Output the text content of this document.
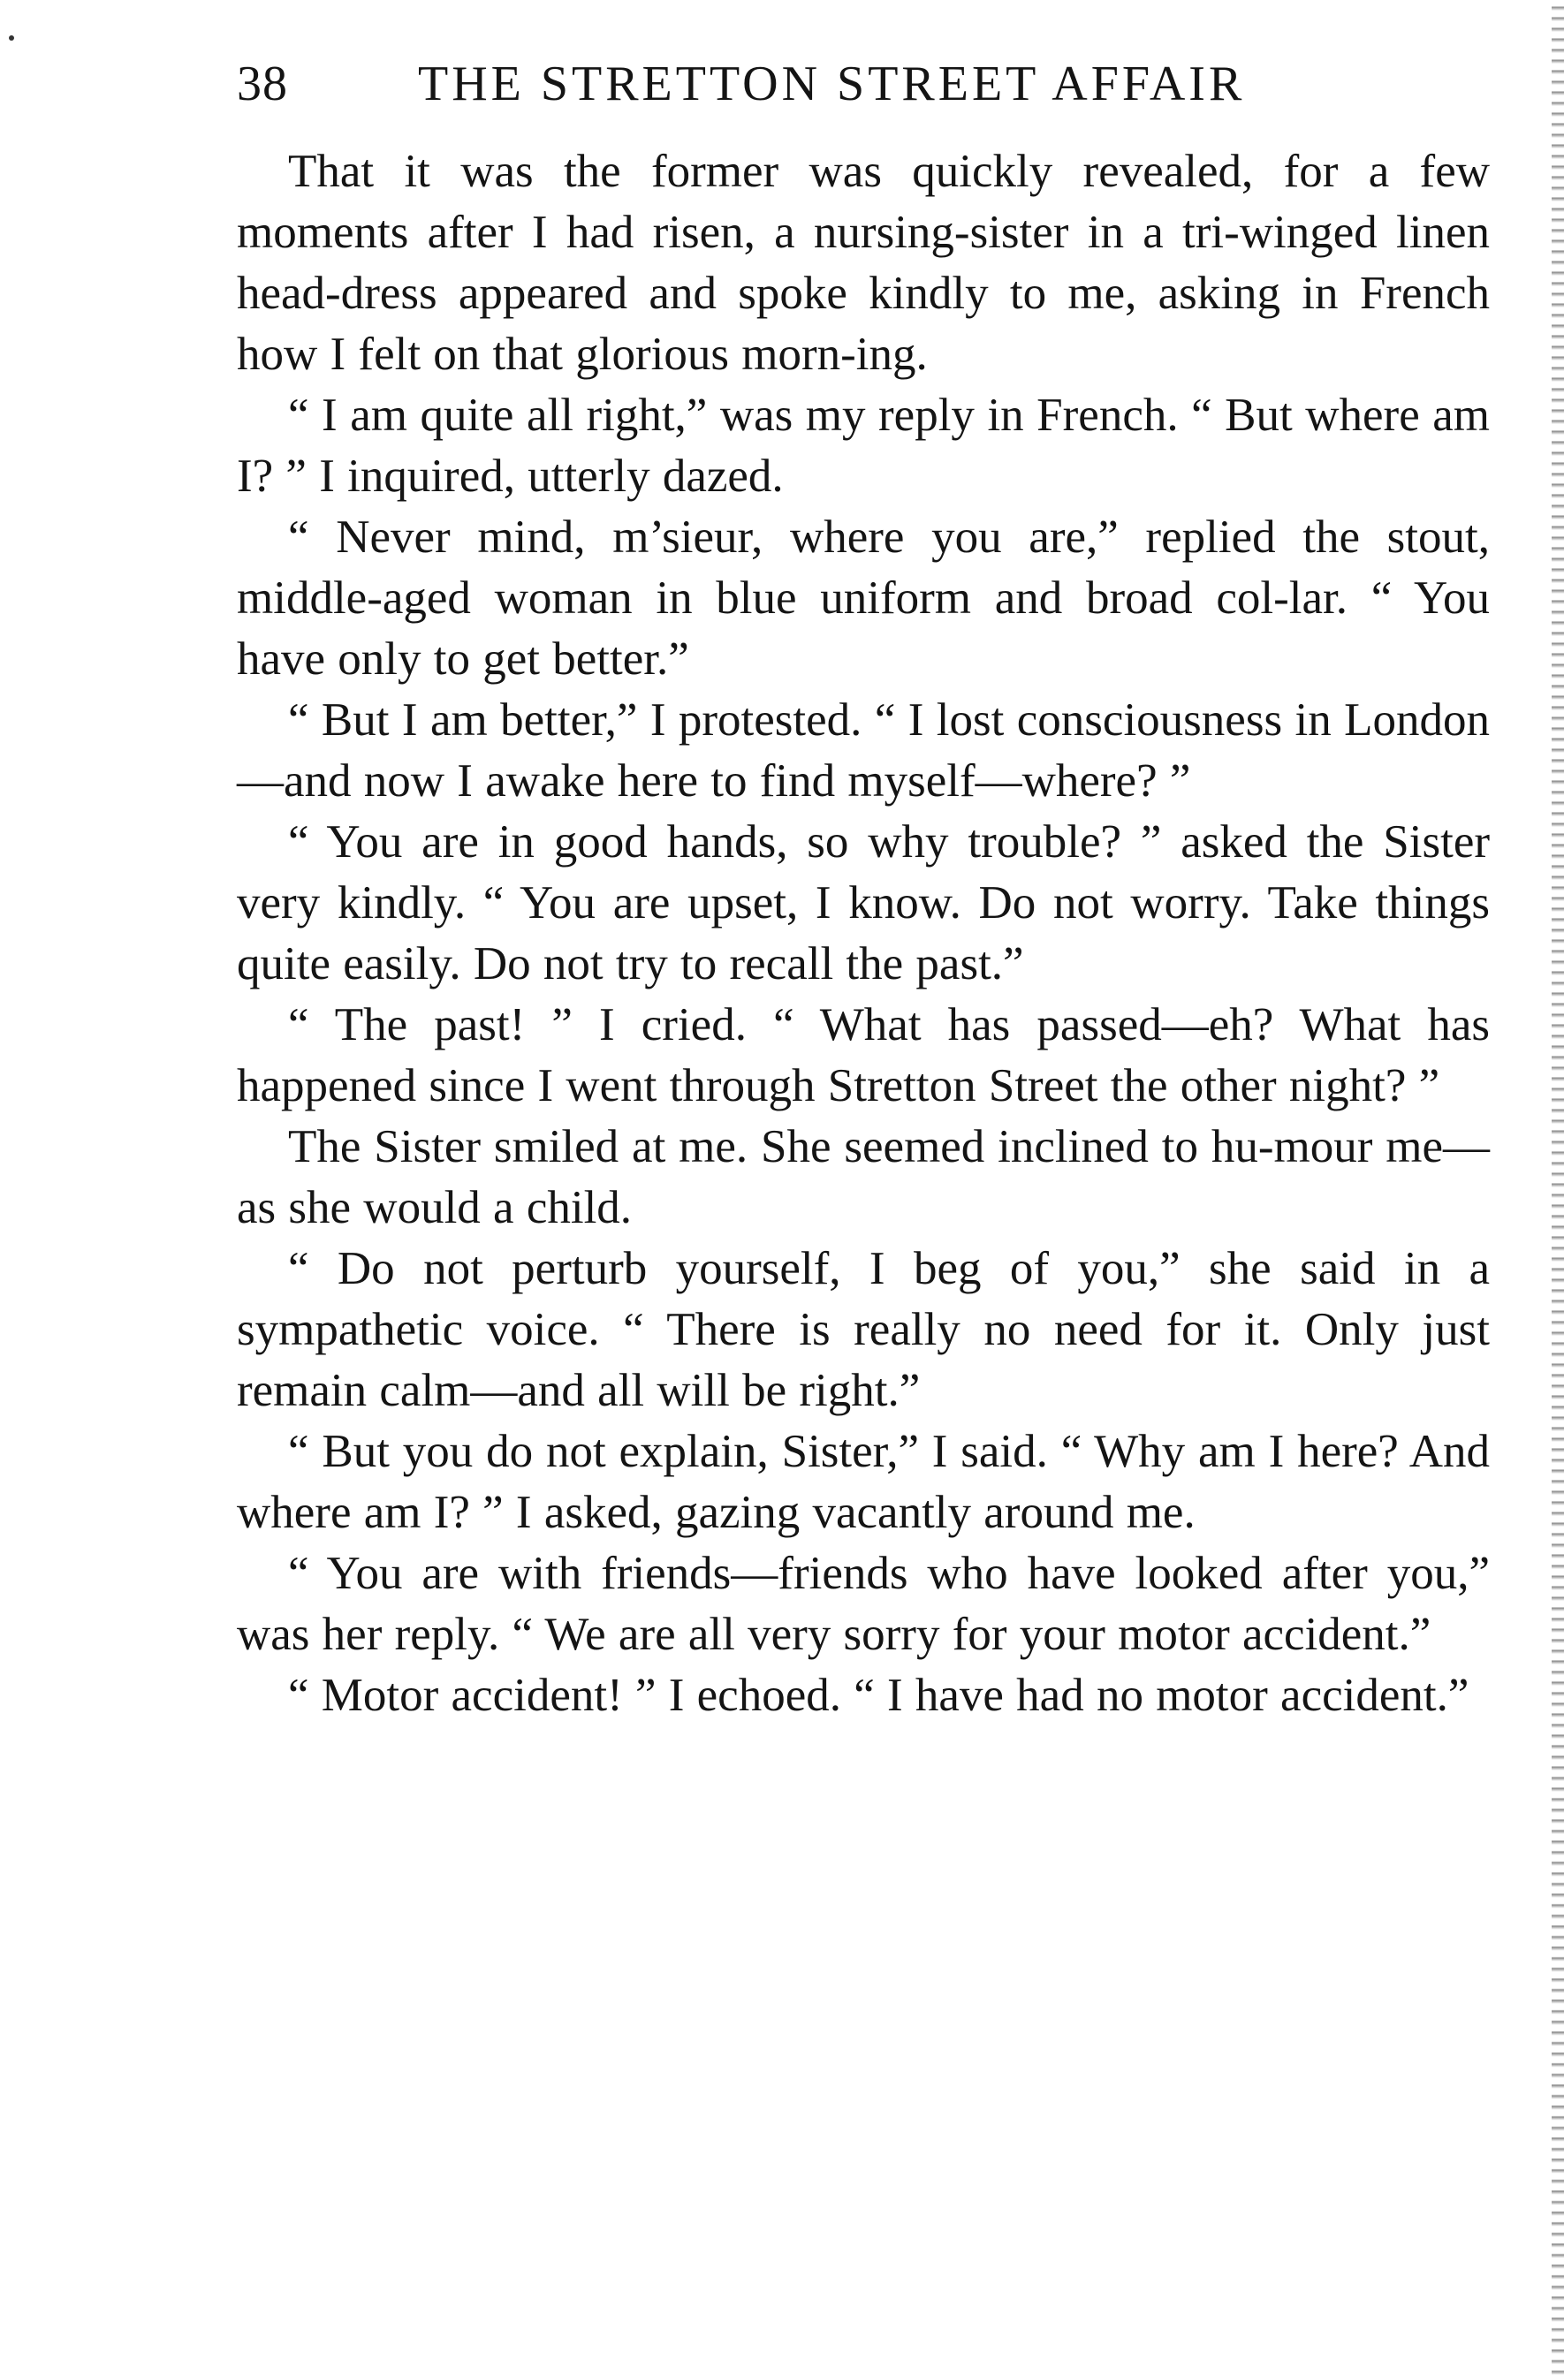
38	THE STRETTON STREET AFFAIR

That it was the former was quickly revealed, for a few moments after I had risen, a nursing-sister in a tri-winged linen head-dress appeared and spoke kindly to me, asking in French how I felt on that glorious morn-ing.

“ I am quite all right,” was my reply in French. “ But where am I? ” I inquired, utterly dazed.

“ Never mind, m’sieur, where you are,” replied the stout, middle-aged woman in blue uniform and broad col-lar. “ You have only to get better.”

“ But I am better,” I protested. “ I lost consciousness in London—and now I awake here to find myself—where? ”

“ You are in good hands, so why trouble? ” asked the Sister very kindly. “ You are upset, I know. Do not worry. Take things quite easily. Do not try to recall the past.”

“ The past! ” I cried. “ What has passed—eh? What has happened since I went through Stretton Street the other night? ”

The Sister smiled at me. She seemed inclined to hu-mour me—as she would a child.

“ Do not perturb yourself, I beg of you,” she said in a sympathetic voice. “ There is really no need for it. Only just remain calm—and all will be right.”

“ But you do not explain, Sister,” I said. “ Why am I here? And where am I? ” I asked, gazing vacantly around me.

“ You are with friends—friends who have looked after you,” was her reply. “ We are all very sorry for your motor accident.”

“ Motor accident! ” I echoed. “ I have had no motor accident.”
